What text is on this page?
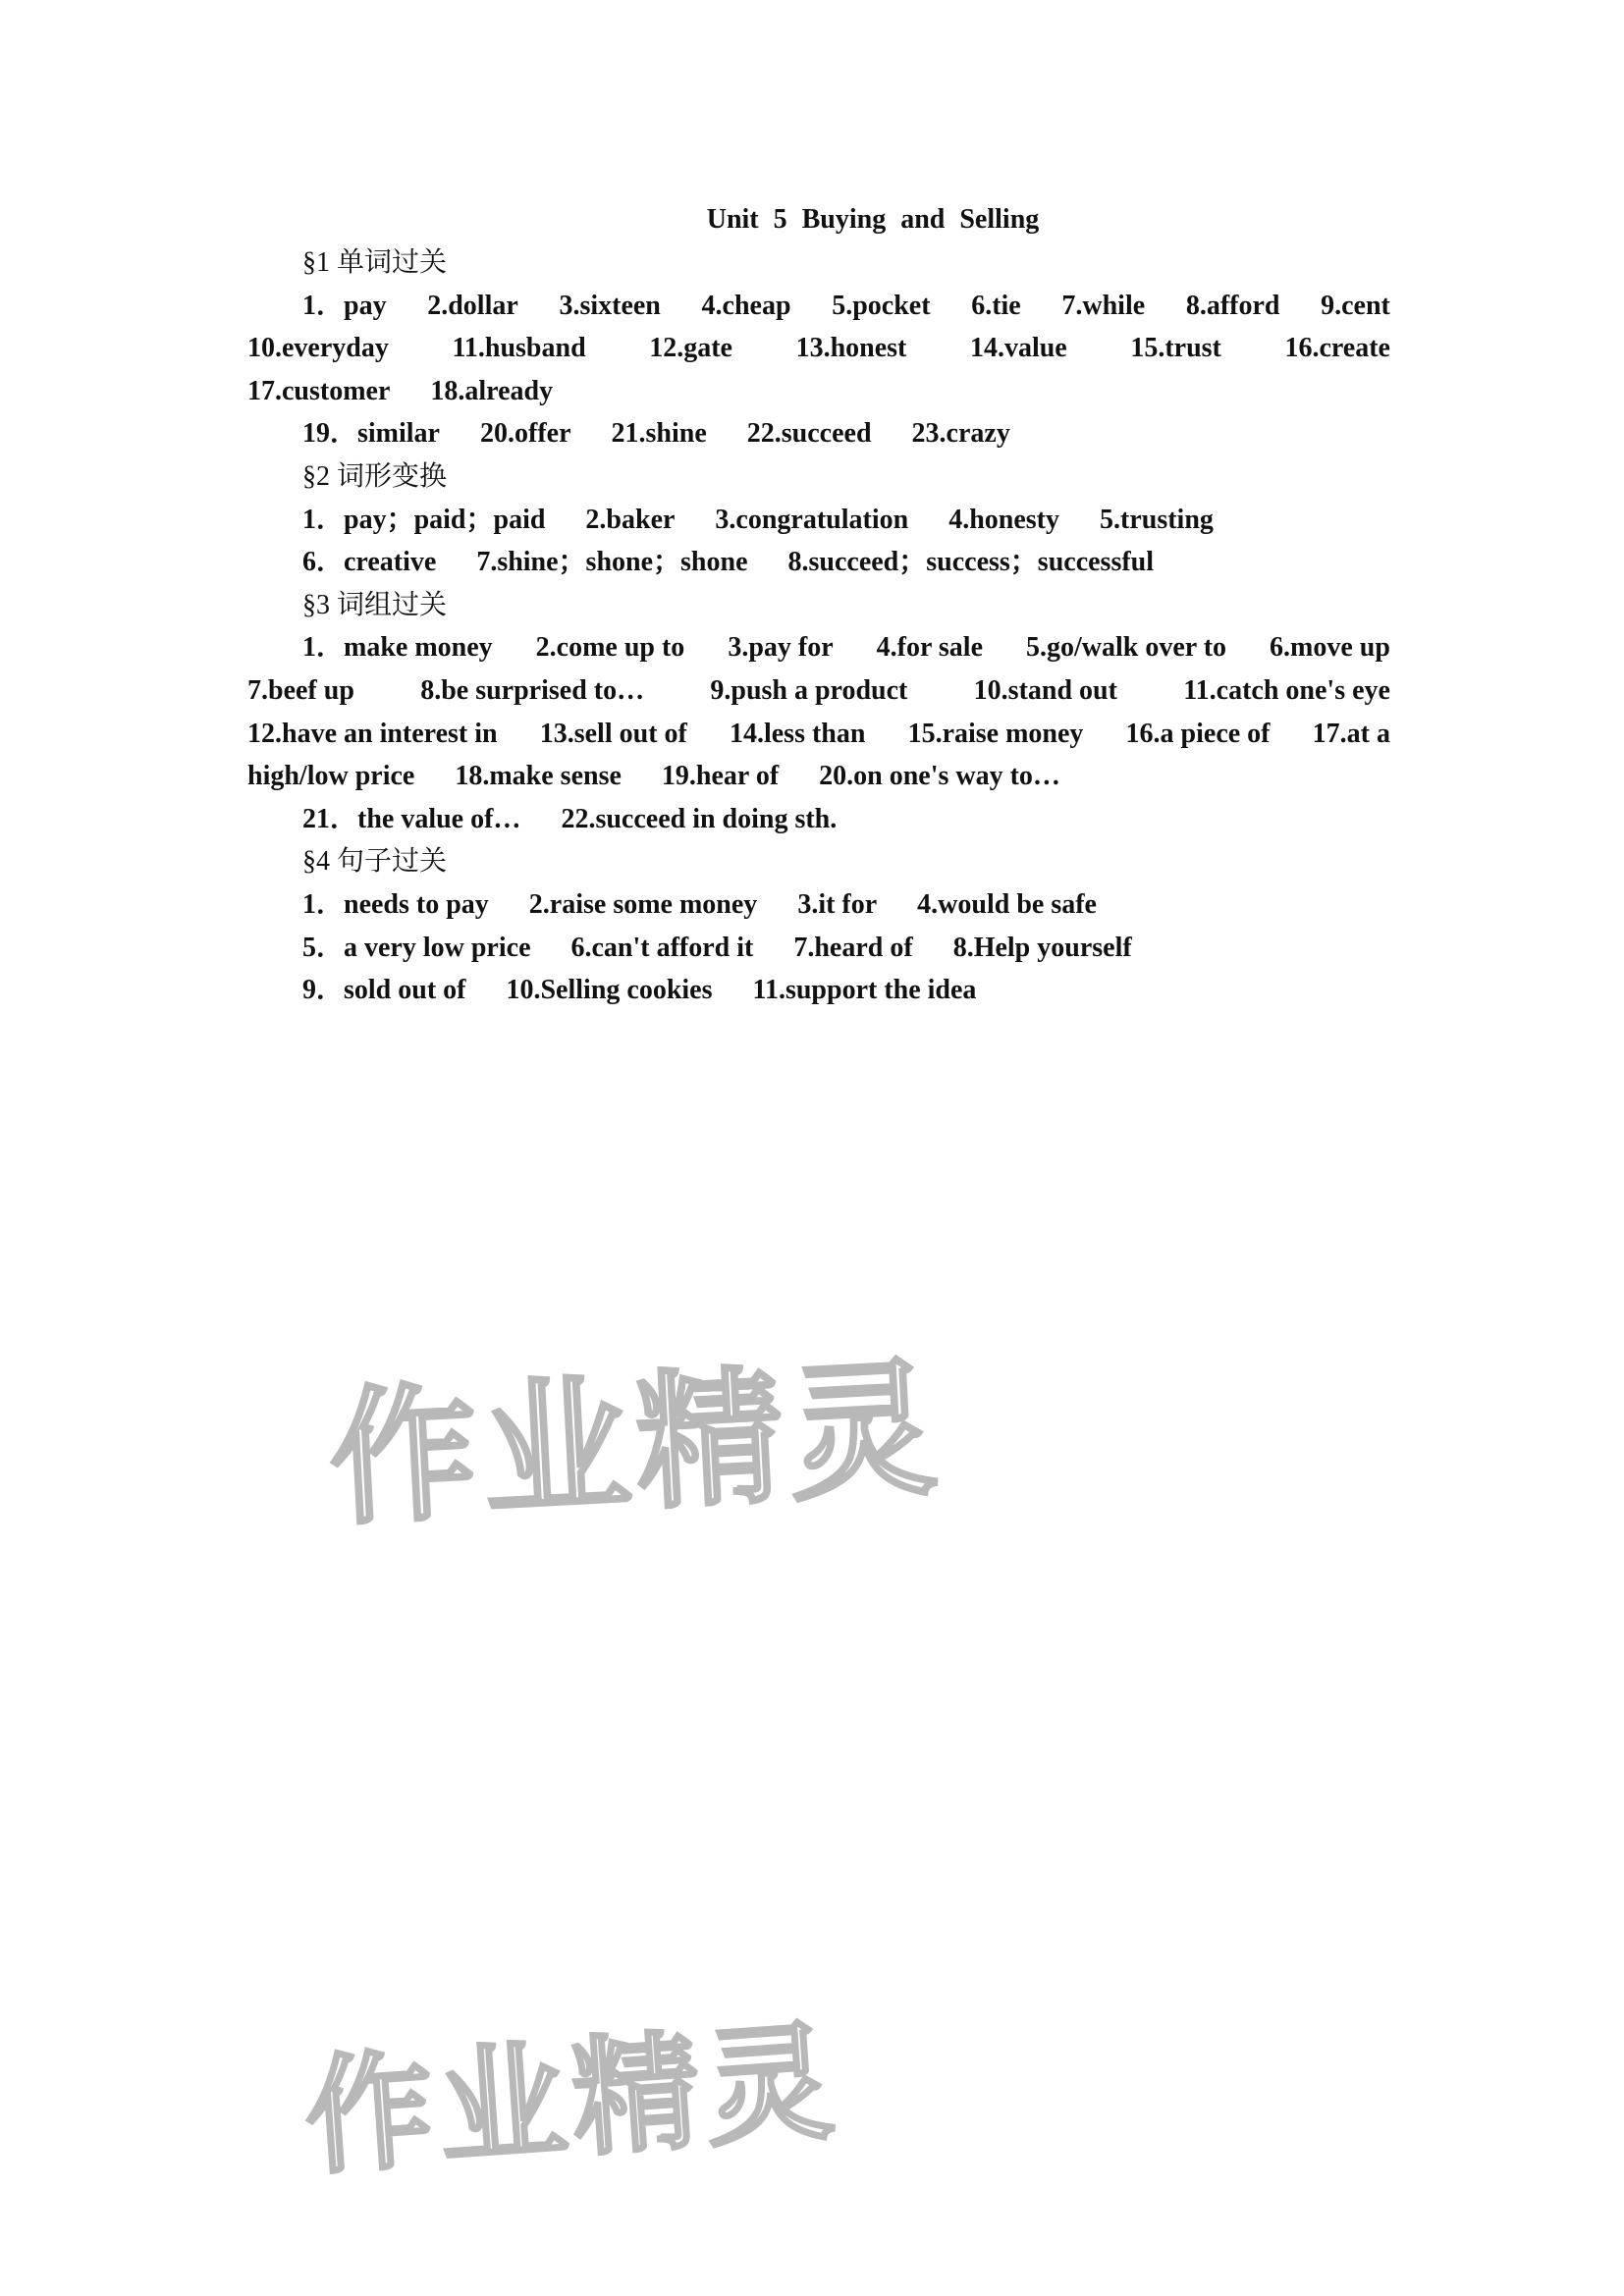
Unit 5 Buying and Selling
§1 单词过关
1．pay 2.dollar 3.sixteen 4.cheap 5.pocket 6.tie 7.while 8.afford 9.cent
10.everyday 11.husband 12.gate 13.honest 14.value 15.trust 16.create
17.customer 18.already
19．similar 20.offer 21.shine 22.succeed 23.crazy
§2 词形变换
1．pay；paid；paid 2.baker 3.congratulation 4.honesty 5.trusting
6．creative 7.shine；shone；shone 8.succeed；success；successful
§3 词组过关
1．make money 2.come up to 3.pay for 4.for sale 5.go/walk over to 6.move up
7.beef up 8.be surprised to… 9.push a product 10.stand out 11.catch one's eye
12.have an interest in 13.sell out of 14.less than 15.raise money 16.a piece of 17.at a
high/low price 18.make sense 19.hear of 20.on one's way to…
21．the value of… 22.succeed in doing sth.
§4 句子过关
1．needs to pay 2.raise some money 3.it for 4.would be safe
5．a very low price 6.can't afford it 7.heard of 8.Help yourself
9．sold out of 10.Selling cookies 11.support the idea
作业精灵
作业精灵
